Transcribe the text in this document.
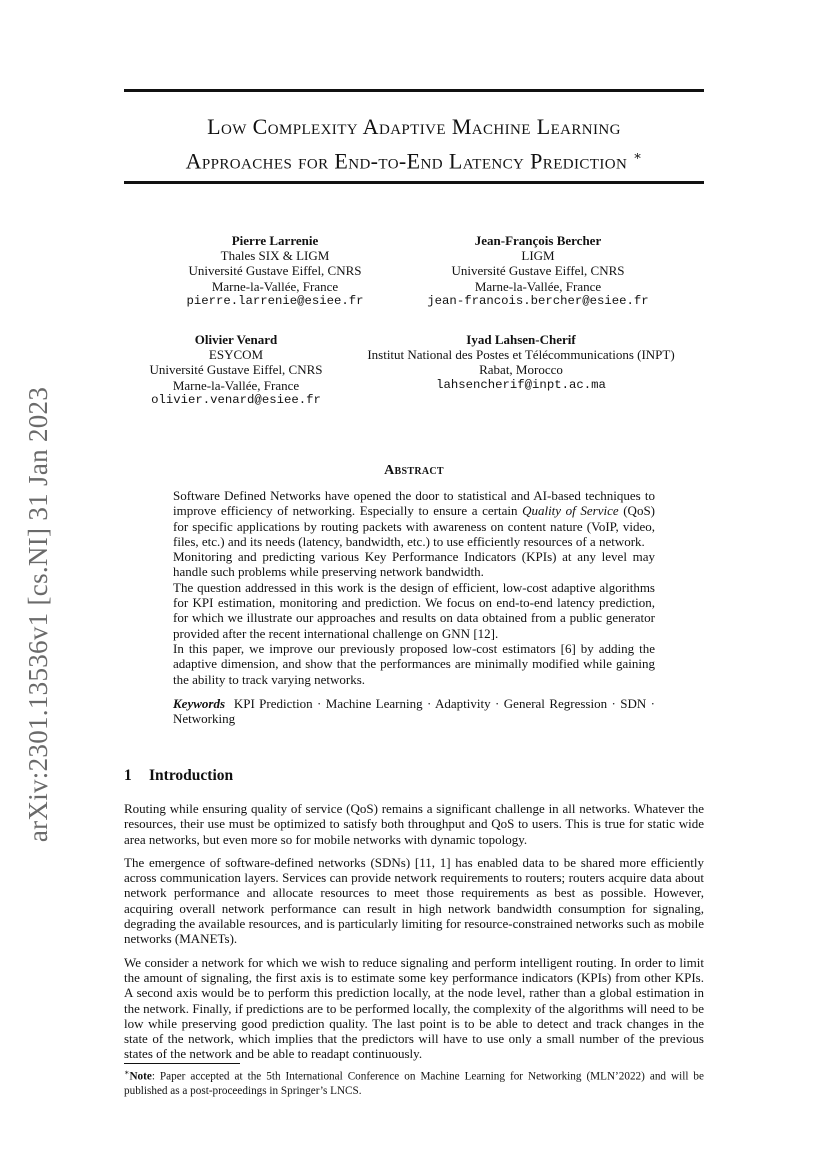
arXiv:2301.13536v1 [cs.NI] 31 Jan 2023
Low Complexity Adaptive Machine Learning
Approaches for End-to-End Latency Prediction ∗
Pierre Larrenie
Thales SIX & LIGM
Université Gustave Eiffel, CNRS
Marne-la-Vallée, France
pierre.larrenie@esiee.fr
Jean-François Bercher
LIGM
Université Gustave Eiffel, CNRS
Marne-la-Vallée, France
jean-francois.bercher@esiee.fr
Olivier Venard
ESYCOM
Université Gustave Eiffel, CNRS
Marne-la-Vallée, France
olivier.venard@esiee.fr
Iyad Lahsen-Cherif
Institut National des Postes et Télécommunications (INPT)
Rabat, Morocco
lahsencherif@inpt.ac.ma
Abstract

Software Defined Networks have opened the door to statistical and AI-based techniques to improve efficiency of networking. Especially to ensure a certain Quality of Service (QoS) for specific applications by routing packets with awareness on content nature (VoIP, video, files, etc.) and its needs (latency, bandwidth, etc.) to use efficiently resources of a network.

Monitoring and predicting various Key Performance Indicators (KPIs) at any level may handle such problems while preserving network bandwidth.

The question addressed in this work is the design of efficient, low-cost adaptive algorithms for KPI estimation, monitoring and prediction. We focus on end-to-end latency prediction, for which we illustrate our approaches and results on data obtained from a public generator provided after the recent international challenge on GNN [12].

In this paper, we improve our previously proposed low-cost estimators [6] by adding the adaptive dimension, and show that the performances are minimally modified while gaining the ability to track varying networks.

Keywords KPI Prediction · Machine Learning · Adaptivity · General Regression · SDN · Networking

1 Introduction

Routing while ensuring quality of service (QoS) remains a significant challenge in all networks. Whatever the resources, their use must be optimized to satisfy both throughput and QoS to users. This is true for static wide area networks, but even more so for mobile networks with dynamic topology.

The emergence of software-defined networks (SDNs) [11, 1] has enabled data to be shared more efficiently across communication layers. Services can provide network requirements to routers; routers acquire data about network performance and allocate resources to meet those requirements as best as possible. However, acquiring overall network performance can result in high network bandwidth consumption for signaling, degrading the available resources, and is particularly limiting for resource-constrained networks such as mobile networks (MANETs).

We consider a network for which we wish to reduce signaling and perform intelligent routing. In order to limit the amount of signaling, the first axis is to estimate some key performance indicators (KPIs) from other KPIs. A second axis would be to perform this prediction locally, at the node level, rather than a global estimation in the network. Finally, if predictions are to be performed locally, the complexity of the algorithms will need to be low while preserving good prediction quality. The last point is to be able to detect and track changes in the state of the network, which implies that the predictors will have to use only a small number of the previous states of the network and be able to readapt continuously.

∗Note: Paper accepted at the 5th International Conference on Machine Learning for Networking (MLN’2022) and will be published as a post-proceedings in Springer’s LNCS.
